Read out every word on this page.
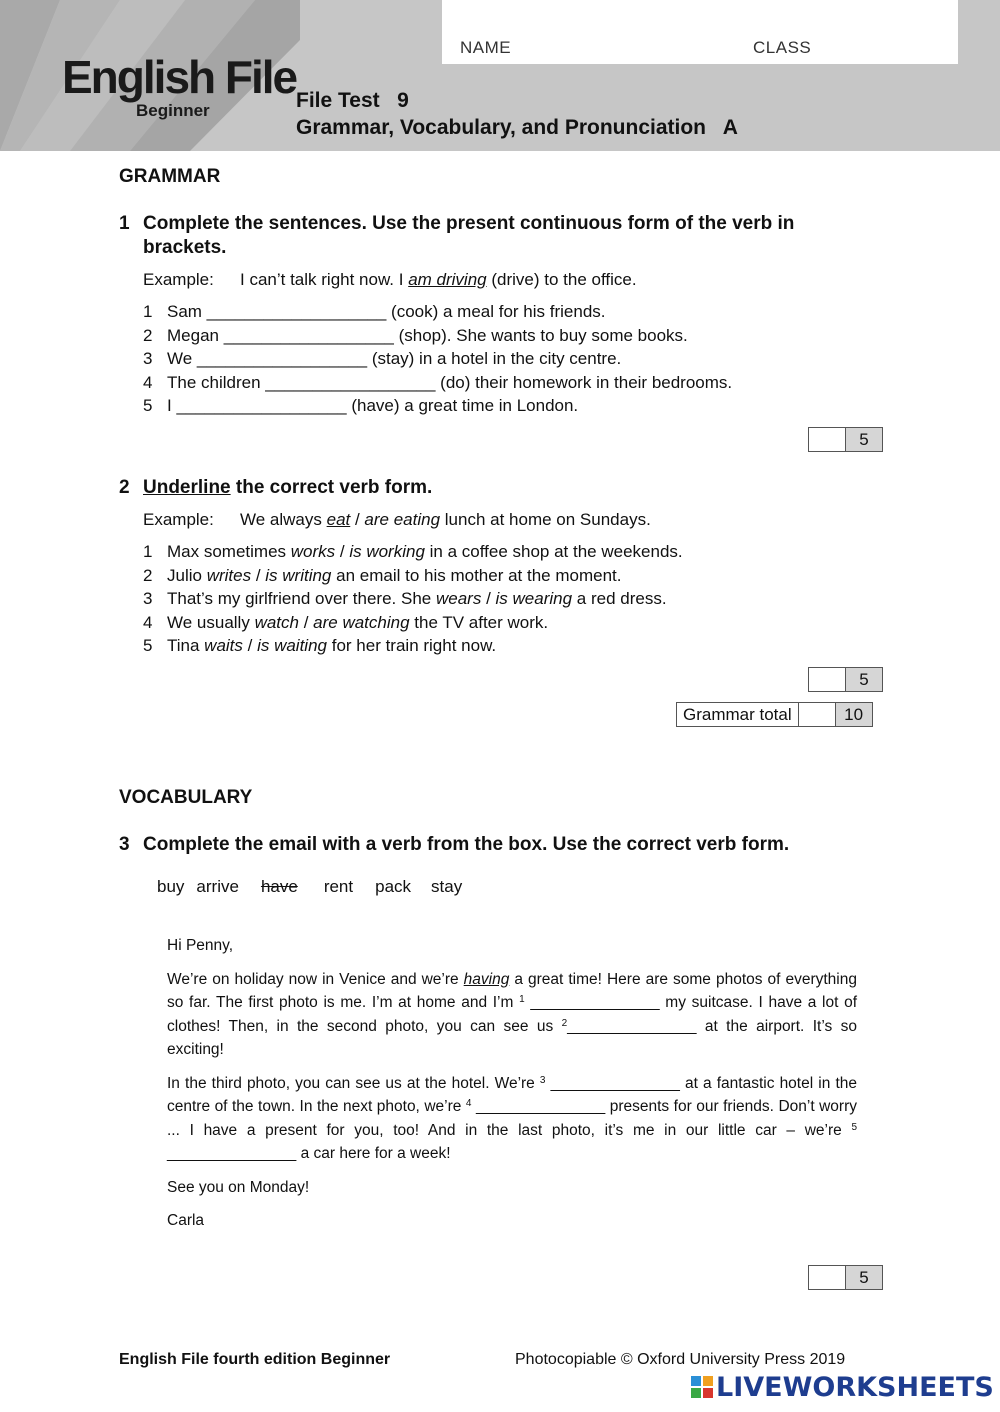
NAME	CLASS
English File
Beginner	File Test   9
Grammar, Vocabulary, and Pronunciation   A
GRAMMAR
1 Complete the sentences. Use the present continuous form of the verb in brackets.
Example: I can’t talk right now. I am driving (drive) to the office.
1 Sam ___________________ (cook) a meal for his friends.
2 Megan __________________ (shop). She wants to buy some books.
3 We __________________ (stay) in a hotel in the city centre.
4 The children __________________ (do) their homework in their bedrooms.
5 I __________________ (have) a great time in London.
5
2 Underline the correct verb form.
Example: We always eat / are eating lunch at home on Sundays.
1 Max sometimes works / is working in a coffee shop at the weekends.
2 Julio writes / is writing an email to his mother at the moment.
3 That’s my girlfriend over there. She wears / is wearing a red dress.
4 We usually watch / are watching the TV after work.
5 Tina waits / is waiting for her train right now.
5
Grammar total	10
VOCABULARY
3 Complete the email with a verb from the box. Use the correct verb form.
buy arrive have rent pack stay

Hi Penny,

We’re on holiday now in Venice and we’re having a great time! Here are some photos of everything so far. The first photo is me. I’m at home and I’m $^1$ _______________ my suitcase. I have a lot of clothes! Then, in the second photo, you can see us $^2$_______________ at the airport. It’s so exciting!

In the third photo, you can see us at the hotel. We’re $^3$ _______________ at a fantastic hotel in the centre of the town. In the next photo, we’re $^4$ _______________ presents for our friends. Don’t worry ... I have a present for you, too! And in the last photo, it’s me in our little car – we’re $^5$ _______________ a car here for a week!

See you on Monday!

Carla

5
English File fourth edition Beginner	Photocopiable © Oxford University Press 2019
LIVEWORKSHEETS
